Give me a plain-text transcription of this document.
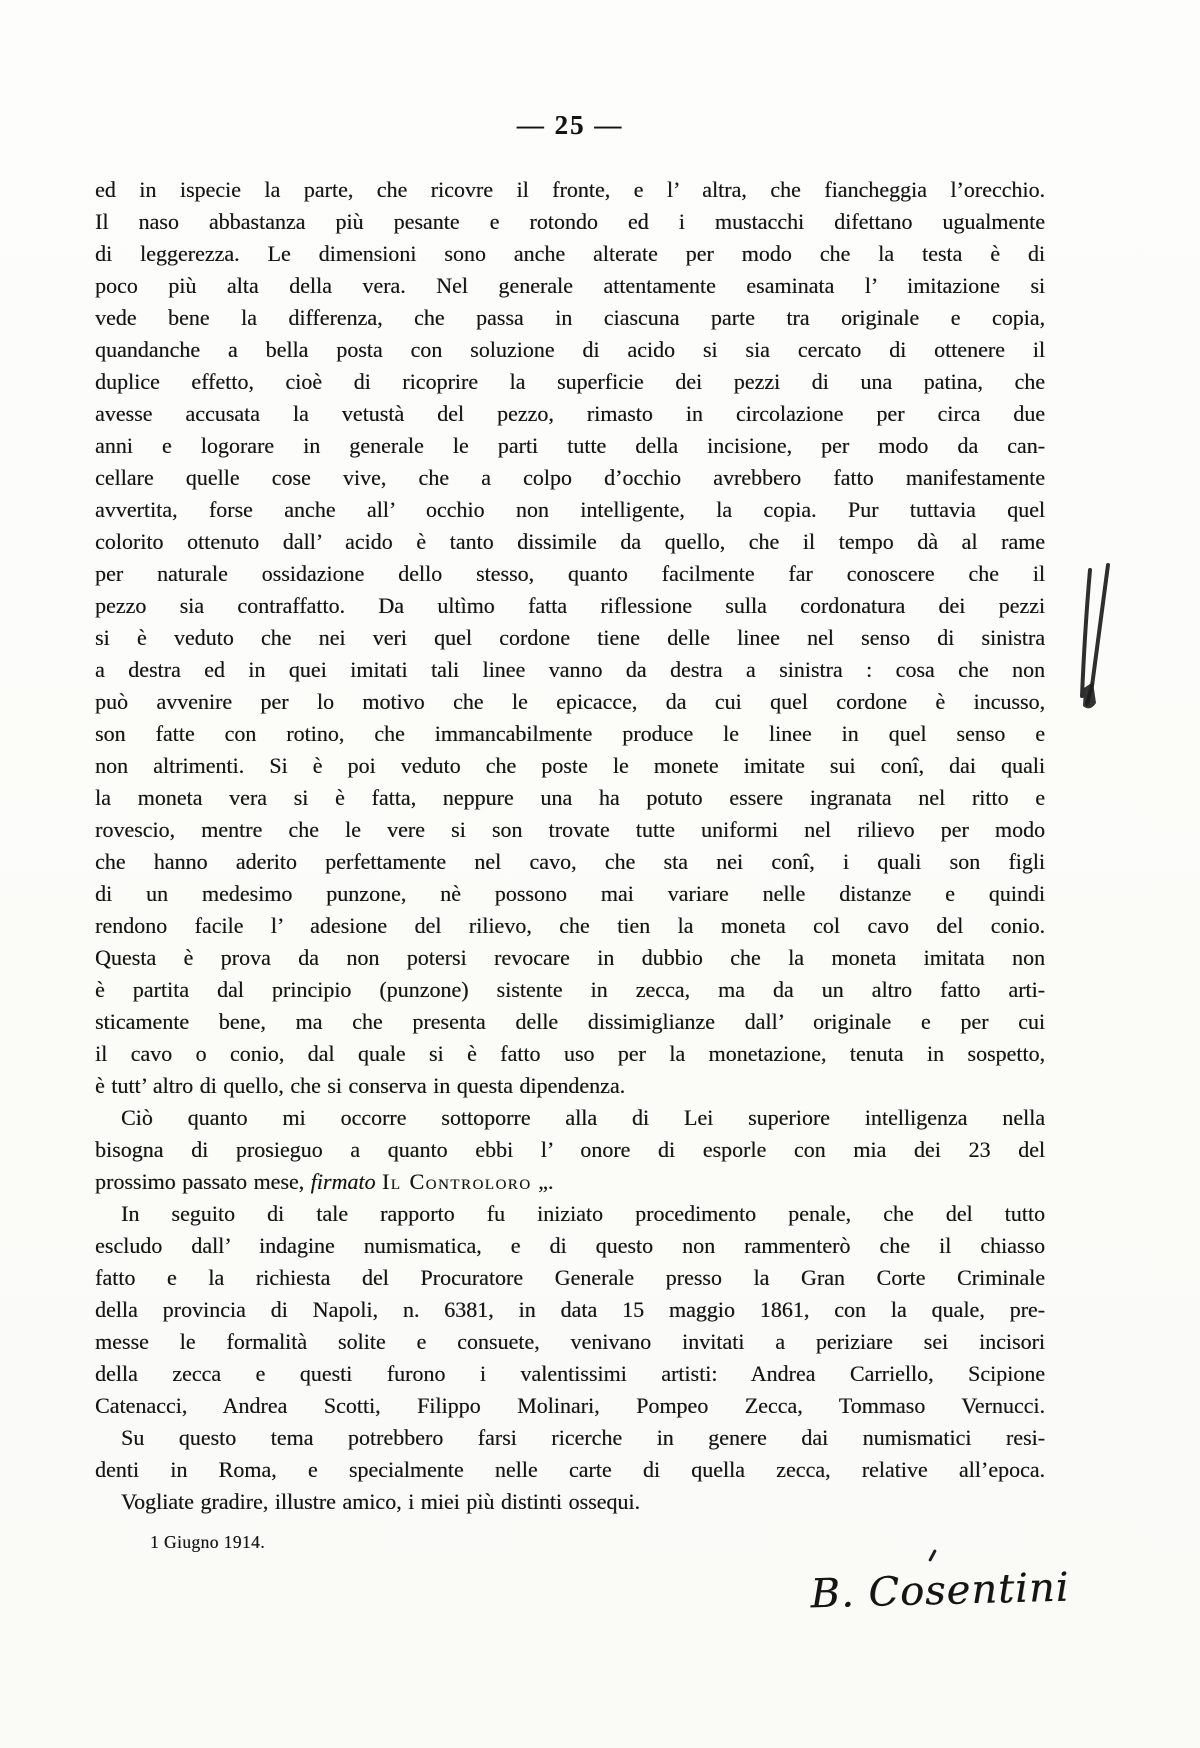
— 25 —
ed in ispecie la parte, che ricovre il fronte, e l’ altra, che fiancheggia l’orecchio.
Il naso abbastanza più pesante e rotondo ed i mustacchi difettano ugualmente
di leggerezza. Le dimensioni sono anche alterate per modo che la testa è di
poco più alta della vera. Nel generale attentamente esaminata l’ imitazione si
vede bene la differenza, che passa in ciascuna parte tra originale e copia,
quandanche a bella posta con soluzione di acido si sia cercato di ottenere il
duplice effetto, cioè di ricoprire la superficie dei pezzi di una patina, che
avesse accusata la vetustà del pezzo, rimasto in circolazione per circa due
anni e logorare in generale le parti tutte della incisione, per modo da can-
cellare quelle cose vive, che a colpo d’occhio avrebbero fatto manifestamente
avvertita, forse anche all’ occhio non intelligente, la copia. Pur tuttavia quel
colorito ottenuto dall’ acido è tanto dissimile da quello, che il tempo dà al rame
per naturale ossidazione dello stesso, quanto facilmente far conoscere che il
pezzo sia contraffatto. Da ultìmo fatta riflessione sulla cordonatura dei pezzi
si è veduto che nei veri quel cordone tiene delle linee nel senso di sinistra
a destra ed in quei imitati tali linee vanno da destra a sinistra : cosa che non
può avvenire per lo motivo che le epicacce, da cui quel cordone è incusso,
son fatte con rotino, che immancabilmente produce le linee in quel senso e
non altrimenti. Si è poi veduto che poste le monete imitate sui conî, dai quali
la moneta vera si è fatta, neppure una ha potuto essere ingranata nel ritto e
rovescio, mentre che le vere si son trovate tutte uniformi nel rilievo per modo
che hanno aderito perfettamente nel cavo, che sta nei conî, i quali son figli
di un medesimo punzone, nè possono mai variare nelle distanze e quindi
rendono facile l’ adesione del rilievo, che tien la moneta col cavo del conio.
Questa è prova da non potersi revocare in dubbio che la moneta imitata non
è partita dal principio (punzone) sistente in zecca, ma da un altro fatto arti-
sticamente bene, ma che presenta delle dissimiglianze dall’ originale e per cui
il cavo o conio, dal quale si è fatto uso per la monetazione, tenuta in sospetto,
è tutt’ altro di quello, che si conserva in questa dipendenza.
Ciò quanto mi occorre sottoporre alla di Lei superiore intelligenza nella
bisogna di prosieguo a quanto ebbi l’ onore di esporle con mia dei 23 del
prossimo passato mese, firmato Il Controloro „.
In seguito di tale rapporto fu iniziato procedimento penale, che del tutto
escludo dall’ indagine numismatica, e di questo non rammenterò che il chiasso
fatto e la richiesta del Procuratore Generale presso la Gran Corte Criminale
della provincia di Napoli, n. 6381, in data 15 maggio 1861, con la quale, pre-
messe le formalità solite e consuete, venivano invitati a periziare sei incisori
della zecca e questi furono i valentissimi artisti: Andrea Carriello, Scipione
Catenacci, Andrea Scotti, Filippo Molinari, Pompeo Zecca, Tommaso Vernucci.
Su questo tema potrebbero farsi ricerche in genere dai numismatici resi-
denti in Roma, e specialmente nelle carte di quella zecca, relative all’epoca.
Vogliate gradire, illustre amico, i miei più distinti ossequi.
1 Giugno 1914.
B. Cosentini
